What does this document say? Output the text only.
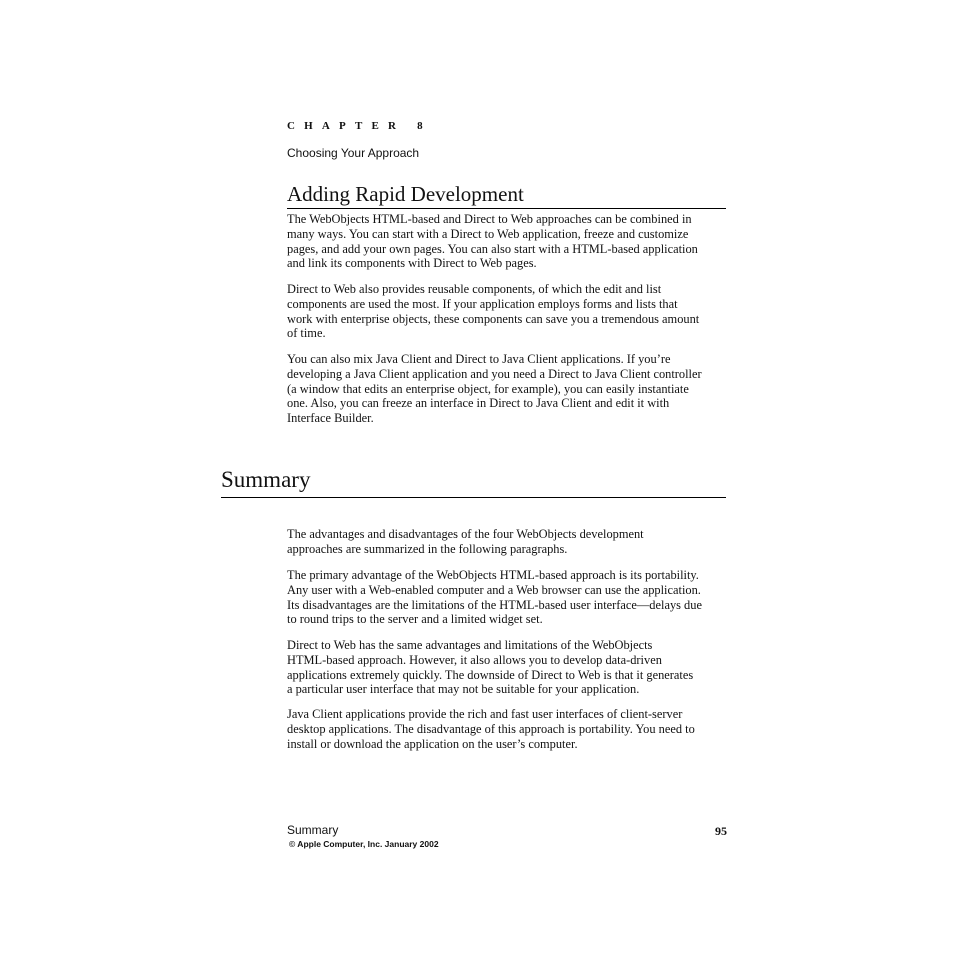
CHAPTER 8
Choosing Your Approach
Adding Rapid Development

The WebObjects HTML-based and Direct to Web approaches can be combined in
many ways. You can start with a Direct to Web application, freeze and customize
pages, and add your own pages. You can also start with a HTML-based application
and link its components with Direct to Web pages.

Direct to Web also provides reusable components, of which the edit and list
components are used the most. If your application employs forms and lists that
work with enterprise objects, these components can save you a tremendous amount
of time.

You can also mix Java Client and Direct to Java Client applications. If you’re
developing a Java Client application and you need a Direct to Java Client controller
(a window that edits an enterprise object, for example), you can easily instantiate
one. Also, you can freeze an interface in Direct to Java Client and edit it with
Interface Builder.

Summary

The advantages and disadvantages of the four WebObjects development
approaches are summarized in the following paragraphs.

The primary advantage of the WebObjects HTML-based approach is its portability.
Any user with a Web-enabled computer and a Web browser can use the application.
Its disadvantages are the limitations of the HTML-based user interface—delays due
to round trips to the server and a limited widget set.

Direct to Web has the same advantages and limitations of the WebObjects
HTML-based approach. However, it also allows you to develop data-driven
applications extremely quickly. The downside of Direct to Web is that it generates
a particular user interface that may not be suitable for your application.

Java Client applications provide the rich and fast user interfaces of client-server
desktop applications. The disadvantage of this approach is portability. You need to
install or download the application on the user’s computer.

Summary	95
© Apple Computer, Inc. January 2002
